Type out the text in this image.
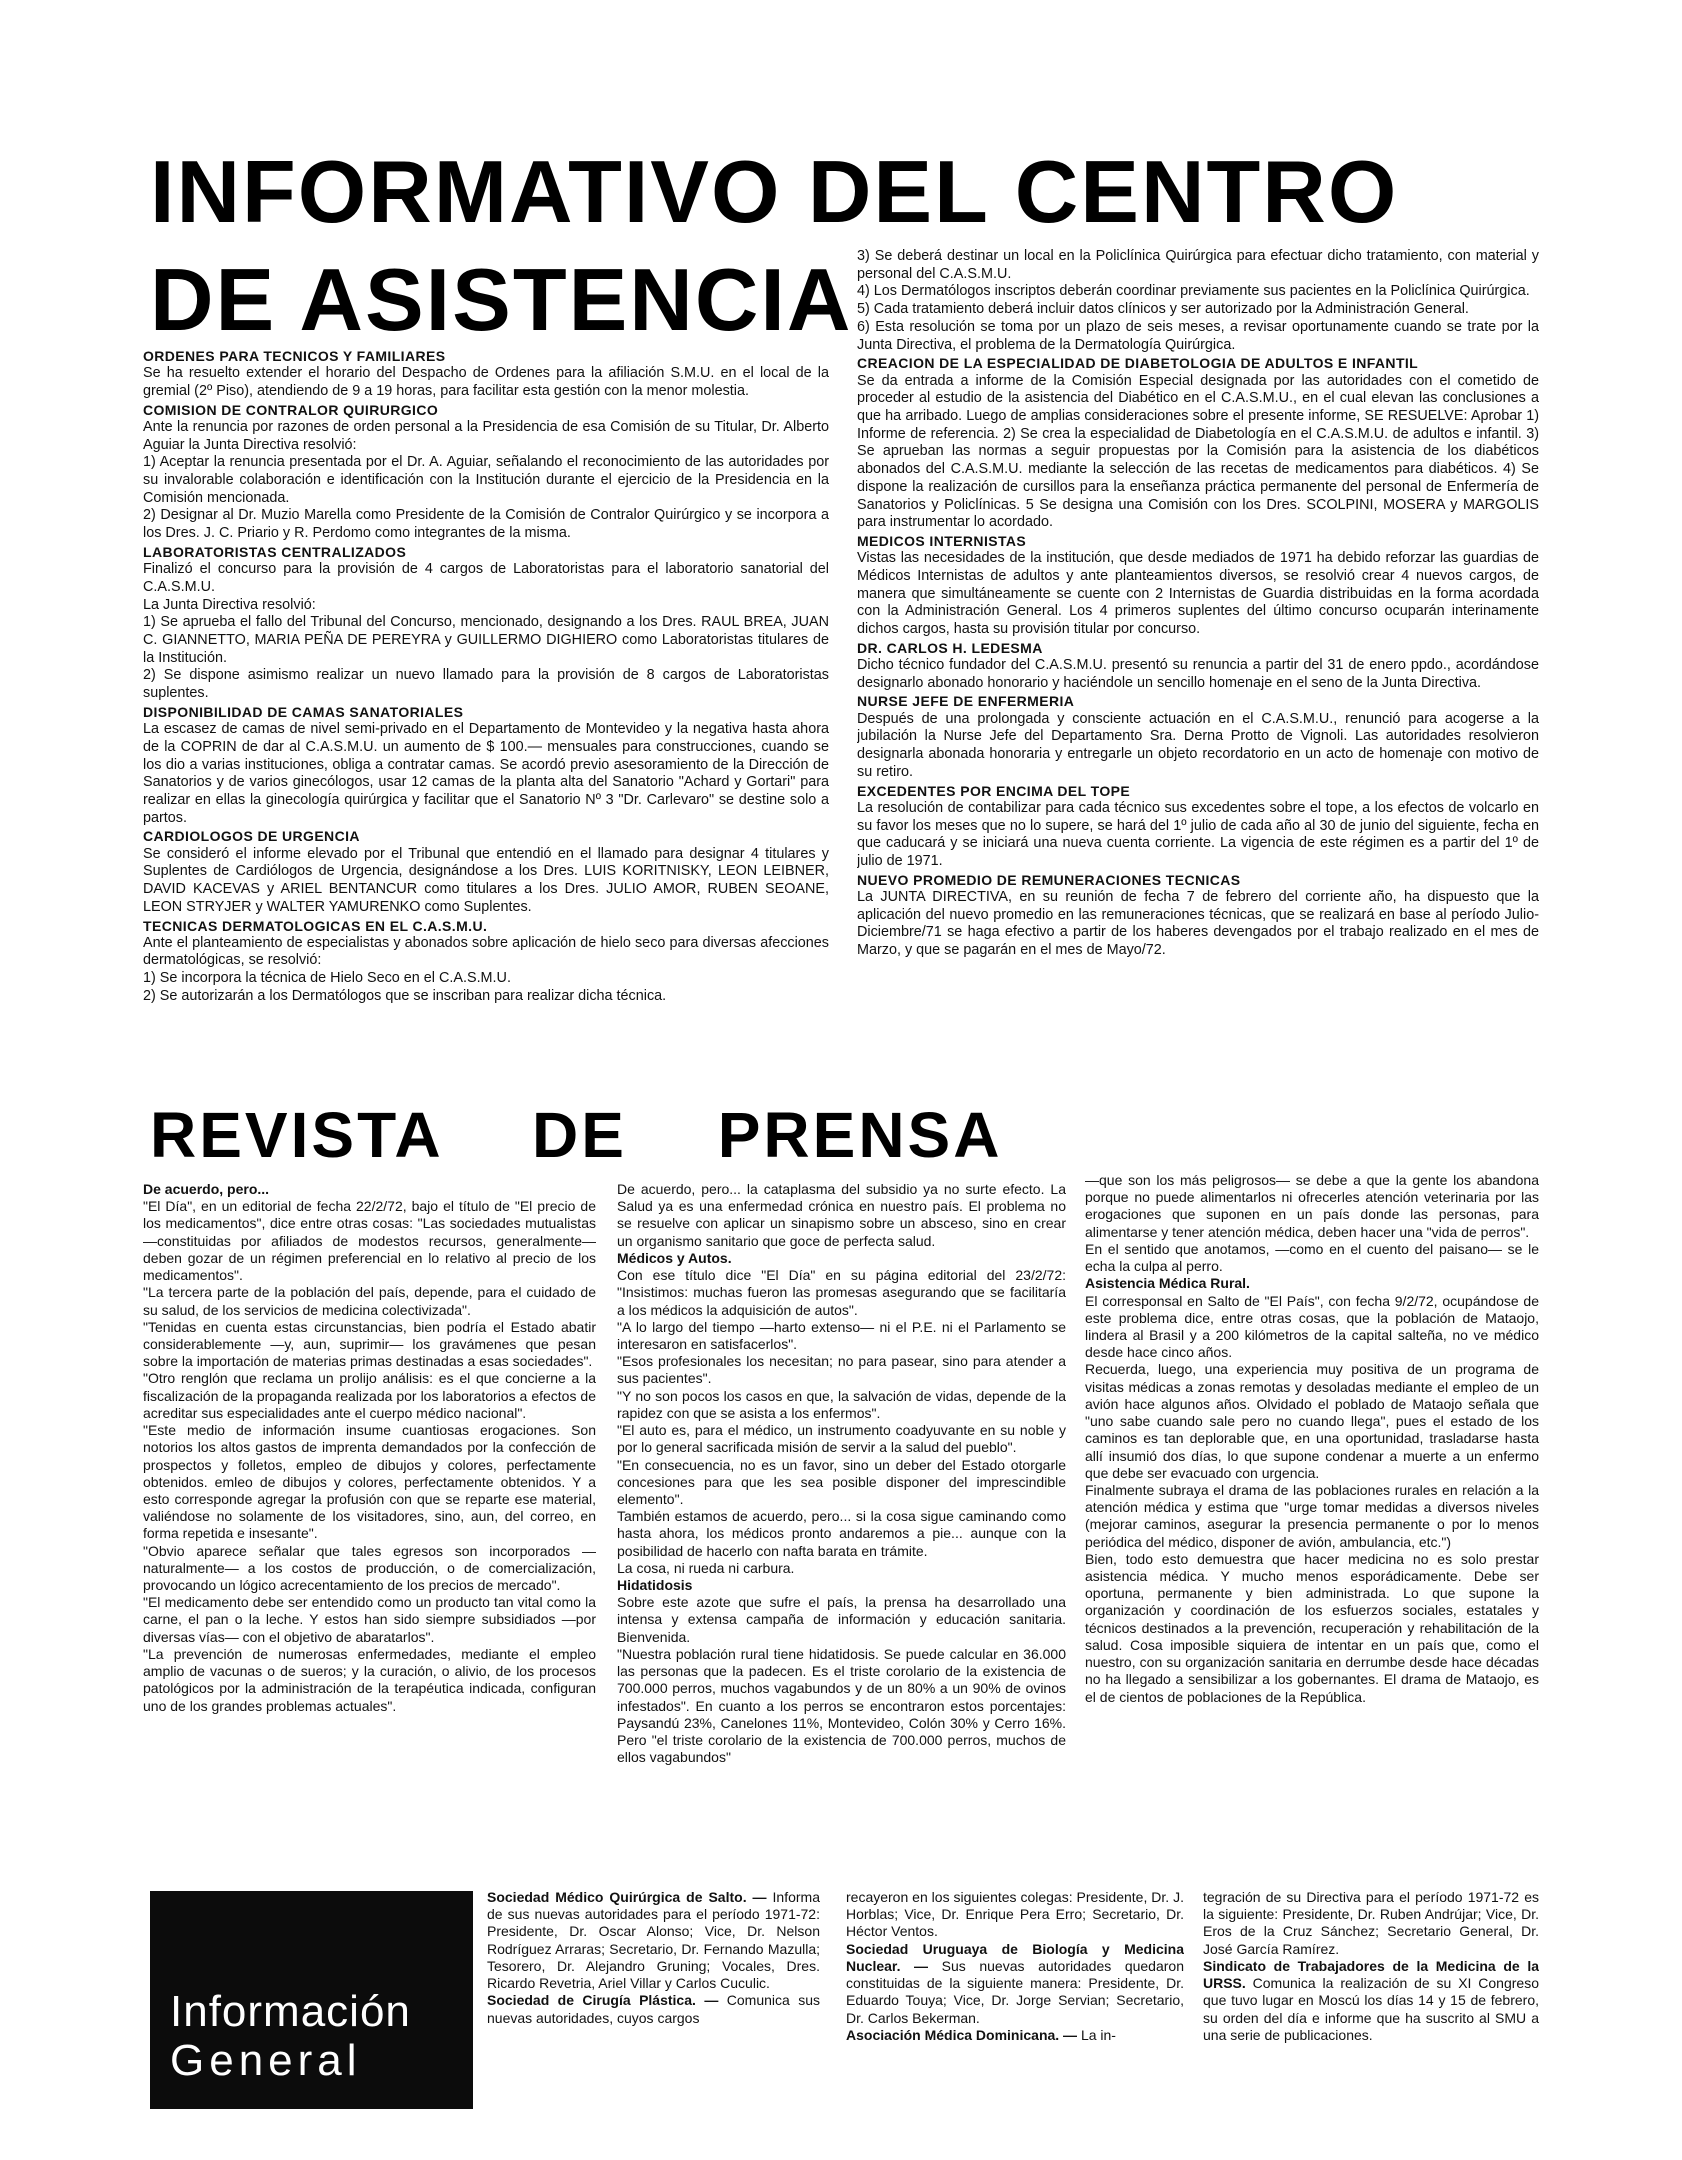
INFORMATIVO DEL CENTRO
DE ASISTENCIA

ORDENES PARA TECNICOS Y FAMILIARES

Se ha resuelto extender el horario del Despacho de Ordenes para la afiliación S.M.U. en el local de la gremial (2º Piso), atendiendo de 9 a 19 horas, para facilitar esta gestión con la menor molestia.

COMISION DE CONTRALOR QUIRURGICO

Ante la renuncia por razones de orden personal a la Presidencia de esa Comisión de su Titular, Dr. Alberto Aguiar la Junta Directiva resolvió:

1) Aceptar la renuncia presentada por el Dr. A. Aguiar, señalando el reconocimiento de las autoridades por su invalorable colaboración e identificación con la Institución durante el ejercicio de la Presidencia en la Comisión mencionada.

2) Designar al Dr. Muzio Marella como Presidente de la Comisión de Contralor Quirúrgico y se incorpora a los Dres. J. C. Priario y R. Perdomo como integrantes de la misma.

LABORATORISTAS CENTRALIZADOS

Finalizó el concurso para la provisión de 4 cargos de Laboratoristas para el laboratorio sanatorial del C.A.S.M.U.

La Junta Directiva resolvió:

1) Se aprueba el fallo del Tribunal del Concurso, mencionado, designando a los Dres. RAUL BREA, JUAN C. GIANNETTO, MARIA PEÑA DE PEREYRA y GUILLERMO DIGHIERO como Laboratoristas titulares de la Institución.

2) Se dispone asimismo realizar un nuevo llamado para la provisión de 8 cargos de Laboratoristas suplentes.

DISPONIBILIDAD DE CAMAS SANATORIALES

La escasez de camas de nivel semi-privado en el Departamento de Montevideo y la negativa hasta ahora de la COPRIN de dar al C.A.S.M.U. un aumento de $ 100.— mensuales para construcciones, cuando se los dio a varias instituciones, obliga a contratar camas. Se acordó previo asesoramiento de la Dirección de Sanatorios y de varios ginecólogos, usar 12 camas de la planta alta del Sanatorio "Achard y Gortari" para realizar en ellas la ginecología quirúrgica y facilitar que el Sanatorio Nº 3 "Dr. Carlevaro" se destine solo a partos.

CARDIOLOGOS DE URGENCIA

Se consideró el informe elevado por el Tribunal que entendió en el llamado para designar 4 titulares y Suplentes de Cardiólogos de Urgencia, designándose a los Dres. LUIS KORITNISKY, LEON LEIBNER, DAVID KACEVAS y ARIEL BENTANCUR como titulares a los Dres. JULIO AMOR, RUBEN SEOANE, LEON STRYJER y WALTER YAMURENKO como Suplentes.

TECNICAS DERMATOLOGICAS EN EL C.A.S.M.U.

Ante el planteamiento de especialistas y abonados sobre aplicación de hielo seco para diversas afecciones dermatológicas, se resolvió:

1) Se incorpora la técnica de Hielo Seco en el C.A.S.M.U.

2) Se autorizarán a los Dermatólogos que se inscriban para realizar dicha técnica.

3) Se deberá destinar un local en la Policlínica Quirúrgica para efectuar dicho tratamiento, con material y personal del C.A.S.M.U.

4) Los Dermatólogos inscriptos deberán coordinar previamente sus pacientes en la Policlínica Quirúrgica.

5) Cada tratamiento deberá incluir datos clínicos y ser autorizado por la Administración General.

6) Esta resolución se toma por un plazo de seis meses, a revisar oportunamente cuando se trate por la Junta Directiva, el problema de la Dermatología Quirúrgica.

CREACION DE LA ESPECIALIDAD DE DIABETOLOGIA DE ADULTOS E INFANTIL

Se da entrada a informe de la Comisión Especial designada por las autoridades con el cometido de proceder al estudio de la asistencia del Diabético en el C.A.S.M.U., en el cual elevan las conclusiones a que ha arribado. Luego de amplias consideraciones sobre el presente informe, SE RESUELVE: Aprobar 1) Informe de referencia. 2) Se crea la especialidad de Diabetología en el C.A.S.M.U. de adultos e infantil. 3) Se aprueban las normas a seguir propuestas por la Comisión para la asistencia de los diabéticos abonados del C.A.S.M.U. mediante la selección de las recetas de medicamentos para diabéticos. 4) Se dispone la realización de cursillos para la enseñanza práctica permanente del personal de Enfermería de Sanatorios y Policlínicas. 5 Se designa una Comisión con los Dres. SCOLPINI, MOSERA y MARGOLIS para instrumentar lo acordado.

MEDICOS INTERNISTAS

Vistas las necesidades de la institución, que desde mediados de 1971 ha debido reforzar las guardias de Médicos Internistas de adultos y ante planteamientos diversos, se resolvió crear 4 nuevos cargos, de manera que simultáneamente se cuente con 2 Internistas de Guardia distribuidas en la forma acordada con la Administración General. Los 4 primeros suplentes del último concurso ocuparán interinamente dichos cargos, hasta su provisión titular por concurso.

DR. CARLOS H. LEDESMA

Dicho técnico fundador del C.A.S.M.U. presentó su renuncia a partir del 31 de enero ppdo., acordándose designarlo abonado honorario y haciéndole un sencillo homenaje en el seno de la Junta Directiva.

NURSE JEFE DE ENFERMERIA

Después de una prolongada y consciente actuación en el C.A.S.M.U., renunció para acogerse a la jubilación la Nurse Jefe del Departamento Sra. Derna Protto de Vignoli. Las autoridades resolvieron designarla abonada honoraria y entregarle un objeto recordatorio en un acto de homenaje con motivo de su retiro.

EXCEDENTES POR ENCIMA DEL TOPE

La resolución de contabilizar para cada técnico sus excedentes sobre el tope, a los efectos de volcarlo en su favor los meses que no lo supere, se hará del 1º julio de cada año al 30 de junio del siguiente, fecha en que caducará y se iniciará una nueva cuenta corriente. La vigencia de este régimen es a partir del 1º de julio de 1971.

NUEVO PROMEDIO DE REMUNERACIONES TECNICAS

La JUNTA DIRECTIVA, en su reunión de fecha 7 de febrero del corriente año, ha dispuesto que la aplicación del nuevo promedio en las remuneraciones técnicas, que se realizará en base al período Julio-Diciembre/71 se haga efectivo a partir de los haberes devengados por el trabajo realizado en el mes de Marzo, y que se pagarán en el mes de Mayo/72.

REVISTA DE PRENSA

De acuerdo, pero...

"El Día", en un editorial de fecha 22/2/72, bajo el título de "El precio de los medicamentos", dice entre otras cosas: "Las sociedades mutualistas —constituidas por afiliados de modestos recursos, generalmente— deben gozar de un régimen preferencial en lo relativo al precio de los medicamentos".

"La tercera parte de la población del país, depende, para el cuidado de su salud, de los servicios de medicina colectivizada".

"Tenidas en cuenta estas circunstancias, bien podría el Estado abatir considerablemente —y, aun, suprimir— los gravámenes que pesan sobre la importación de materias primas destinadas a esas sociedades".

"Otro renglón que reclama un prolijo análisis: es el que concierne a la fiscalización de la propaganda realizada por los laboratorios a efectos de acreditar sus especialidades ante el cuerpo médico nacional".

"Este medio de información insume cuantiosas erogaciones. Son notorios los altos gastos de imprenta demandados por la confección de prospectos y folletos, empleo de dibujos y colores, perfectamente obtenidos. emleo de dibujos y colores, perfectamente obtenidos. Y a esto corresponde agregar la profusión con que se reparte ese material, valiéndose no solamente de los visitadores, sino, aun, del correo, en forma repetida e insesante".

"Obvio aparece señalar que tales egresos son incorporados —naturalmente— a los costos de producción, o de comercialización, provocando un lógico acrecentamiento de los precios de mercado".

"El medicamento debe ser entendido como un producto tan vital como la carne, el pan o la leche. Y estos han sido siempre subsidiados —por diversas vías— con el objetivo de abaratarlos".

"La prevención de numerosas enfermedades, mediante el empleo amplio de vacunas o de sueros; y la curación, o alivio, de los procesos patológicos por la administración de la terapéutica indicada, configuran uno de los grandes problemas actuales".

De acuerdo, pero... la cataplasma del subsidio ya no surte efecto. La Salud ya es una enfermedad crónica en nuestro país. El problema no se resuelve con aplicar un sinapismo sobre un absceso, sino en crear un organismo sanitario que goce de perfecta salud.

Médicos y Autos.

Con ese título dice "El Día" en su página editorial del 23/2/72: "Insistimos: muchas fueron las promesas asegurando que se facilitaría a los médicos la adquisición de autos".

"A lo largo del tiempo —harto extenso— ni el P.E. ni el Parlamento se interesaron en satisfacerlos".

"Esos profesionales los necesitan; no para pasear, sino para atender a sus pacientes".

"Y no son pocos los casos en que, la salvación de vidas, depende de la rapidez con que se asista a los enfermos".

"El auto es, para el médico, un instrumento coadyuvante en su noble y por lo general sacrificada misión de servir a la salud del pueblo".

"En consecuencia, no es un favor, sino un deber del Estado otorgarle concesiones para que les sea posible disponer del imprescindible elemento".

También estamos de acuerdo, pero... si la cosa sigue caminando como hasta ahora, los médicos pronto andaremos a pie... aunque con la posibilidad de hacerlo con nafta barata en trámite.

La cosa, ni rueda ni carbura.

Hidatidosis

Sobre este azote que sufre el país, la prensa ha desarrollado una intensa y extensa campaña de información y educación sanitaria. Bienvenida.

"Nuestra población rural tiene hidatidosis. Se puede calcular en 36.000 las personas que la padecen. Es el triste corolario de la existencia de 700.000 perros, muchos vagabundos y de un 80% a un 90% de ovinos infestados". En cuanto a los perros se encontraron estos porcentajes: Paysandú 23%, Canelones 11%, Montevideo, Colón 30% y Cerro 16%. Pero "el triste corolario de la existencia de 700.000 perros, muchos de ellos vagabundos"

—que son los más peligrosos— se debe a que la gente los abandona porque no puede alimentarlos ni ofrecerles atención veterinaria por las erogaciones que suponen en un país donde las personas, para alimentarse y tener atención médica, deben hacer una "vida de perros".

En el sentido que anotamos, —como en el cuento del paisano— se le echa la culpa al perro.

Asistencia Médica Rural.

El corresponsal en Salto de "El País", con fecha 9/2/72, ocupándose de este problema dice, entre otras cosas, que la población de Mataojo, lindera al Brasil y a 200 kilómetros de la capital salteña, no ve médico desde hace cinco años.

Recuerda, luego, una experiencia muy positiva de un programa de visitas médicas a zonas remotas y desoladas mediante el empleo de un avión hace algunos años. Olvidado el poblado de Mataojo señala que "uno sabe cuando sale pero no cuando llega", pues el estado de los caminos es tan deplorable que, en una oportunidad, trasladarse hasta allí insumió dos días, lo que supone condenar a muerte a un enfermo que debe ser evacuado con urgencia.

Finalmente subraya el drama de las poblaciones rurales en relación a la atención médica y estima que "urge tomar medidas a diversos niveles (mejorar caminos, asegurar la presencia permanente o por lo menos periódica del médico, disponer de avión, ambulancia, etc.")

Bien, todo esto demuestra que hacer medicina no es solo prestar asistencia médica. Y mucho menos esporádicamente. Debe ser oportuna, permanente y bien administrada. Lo que supone la organización y coordinación de los esfuerzos sociales, estatales y técnicos destinados a la prevención, recuperación y rehabilitación de la salud. Cosa imposible siquiera de intentar en un país que, como el nuestro, con su organización sanitaria en derrumbe desde hace décadas no ha llegado a sensibilizar a los gobernantes. El drama de Mataojo, es el de cientos de poblaciones de la República.

Información
General

Sociedad Médico Quirúrgica de Salto. — Informa de sus nuevas autoridades para el período 1971-72: Presidente, Dr. Oscar Alonso; Vice, Dr. Nelson Rodríguez Arraras; Secretario, Dr. Fernando Mazulla; Tesorero, Dr. Alejandro Gruning; Vocales, Dres. Ricardo Revetria, Ariel Villar y Carlos Cuculic.

Sociedad de Cirugía Plástica. — Comunica sus nuevas autoridades, cuyos cargos

recayeron en los siguientes colegas: Presidente, Dr. J. Horblas; Vice, Dr. Enrique Pera Erro; Secretario, Dr. Héctor Ventos.

Sociedad Uruguaya de Biología y Medicina Nuclear. — Sus nuevas autoridades quedaron constituidas de la siguiente manera: Presidente, Dr. Eduardo Touya; Vice, Dr. Jorge Servian; Secretario, Dr. Carlos Bekerman.

Asociación Médica Dominicana. — La in-

tegración de su Directiva para el período 1971-72 es la siguiente: Presidente, Dr. Ruben Andrújar; Vice, Dr. Eros de la Cruz Sánchez; Secretario General, Dr. José García Ramírez.

Sindicato de Trabajadores de la Medicina de la URSS. Comunica la realización de su XI Congreso que tuvo lugar en Moscú los días 14 y 15 de febrero, su orden del día e informe que ha suscrito al SMU a una serie de publicaciones.
